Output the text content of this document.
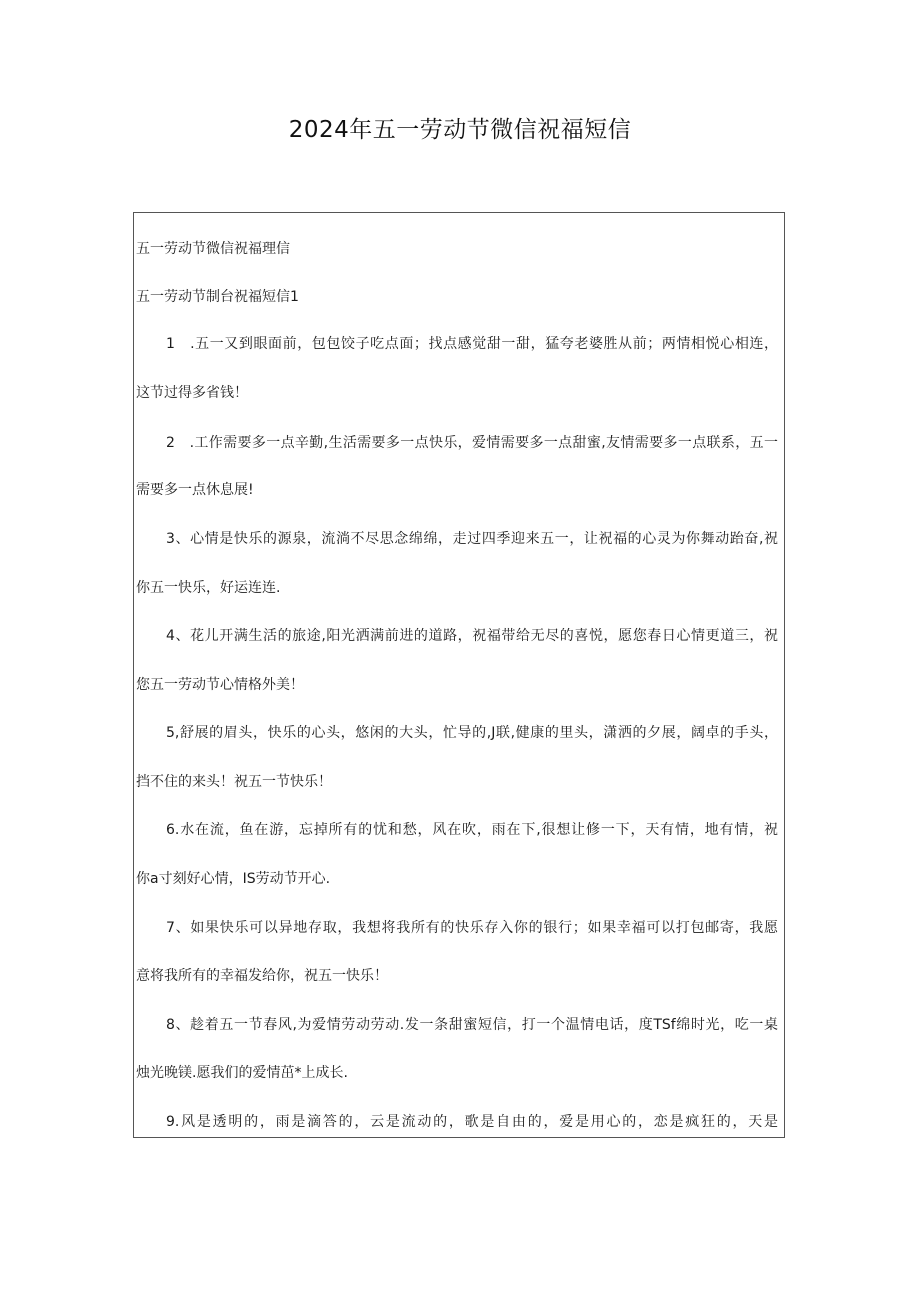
2024年五一劳动节微信祝福短信
五一劳动节微信祝福理信
五一劳动节制台祝福短信1
1　.五一又到眼面前，包包饺子吃点面；找点感觉甜一甜，猛夸老婆胜从前；两情相悦心相连，
这节过得多省钱！
2　.工作需要多一点辛勤,生活需要多一点快乐，爱情需要多一点甜蜜,友情需要多一点联系，五一
需要多一点休息展!
3、心情是快乐的源泉，流淌不尽思念绵绵，走过四季迎来五一，让祝福的心灵为你舞动跆奋,祝
你五一快乐，好运连连.
4、花儿开满生活的旅途,阳光洒满前进的道路，祝福带给无尽的喜悦，愿您春日心情更道三，祝
您五一劳动节心情格外美！
5,舒展的眉头，快乐的心头，悠闲的大头，忙导的,J联,健康的里头，潇洒的夕展，阔卓的手头，
挡不住的来头！祝五一节快乐！
6.水在流，鱼在游，忘掉所有的忧和愁，风在吹，雨在下,很想让修一下，天有情，地有情，祝
你a寸刻好心情，IS劳动节开心.
7、如果快乐可以异地存取，我想将我所有的快乐存入你的银行；如果幸福可以打包邮寄，我愿
意将我所有的幸福发给你，祝五一快乐！
8、趁着五一节春风,为爱情劳动劳动.发一条甜蜜短信，打一个温情电话，度TSf绵时光，吃一桌
烛光晚镁.愿我们的爱情茁*上成长.
9.风是透明的，雨是滴答的，云是流动的，歌是自由的，爱是用心的，恋是疯狂的，天是
